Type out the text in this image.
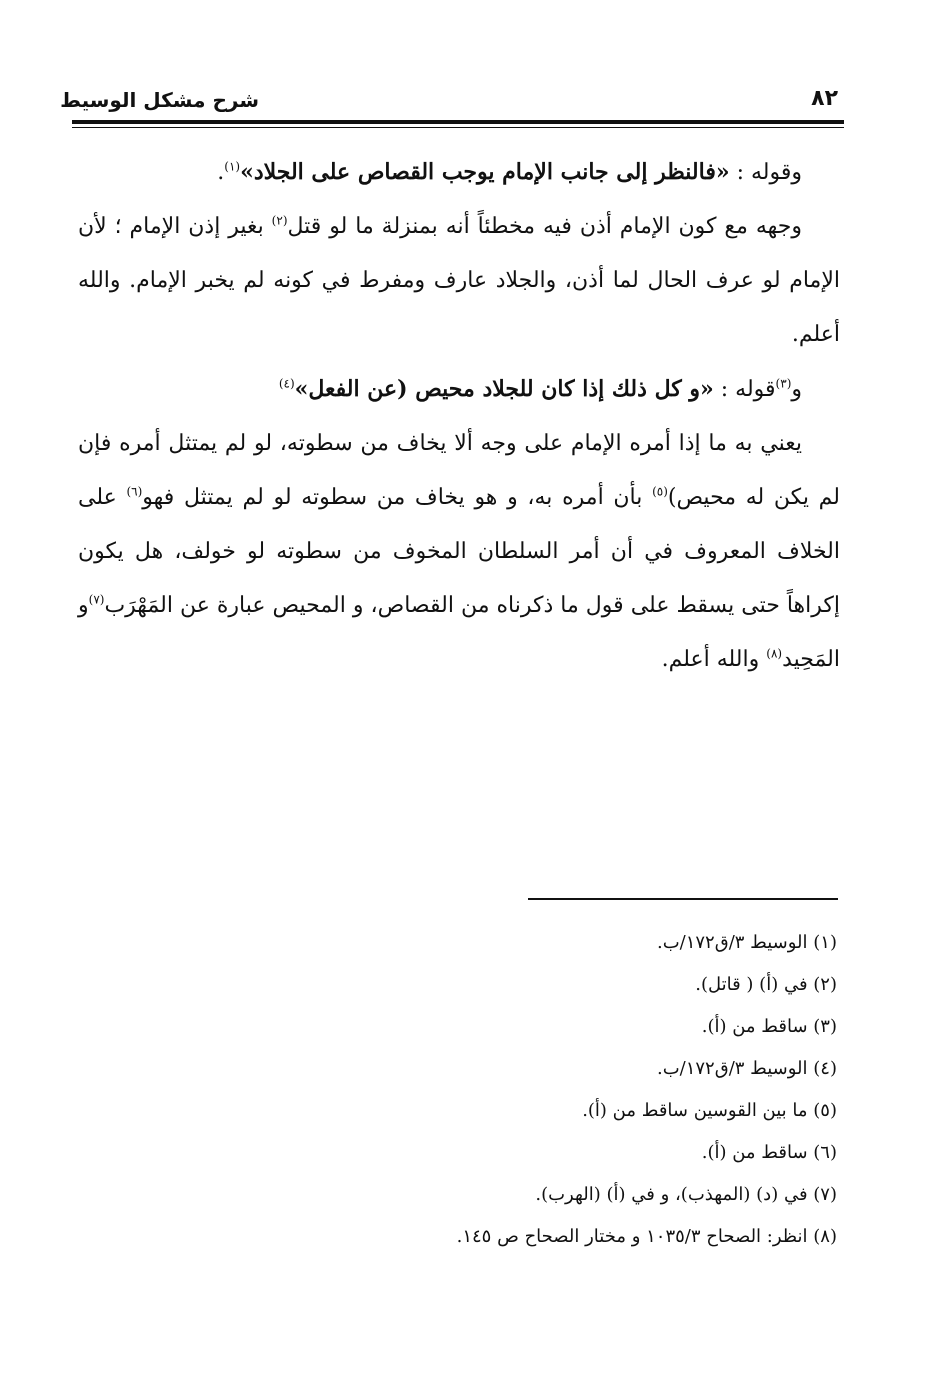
شرح مشكل الوسيط	٨٢

وقوله : «فالنظر إلى جانب الإمام يوجب القصاص على الجلاد»$^{(١)}$.

وجهه مع كون الإمام أذن فيه مخطئاً أنه بمنزلة ما لو قتل$^{(٢)}$ بغير إذن الإمام ؛ لأن الإمام لو عرف الحال لما أذن، والجلاد عارف ومفرط في كونه لم يخبر الإمام. والله أعلم.

و$^{(٣)}$قوله : «و كل ذلك إذا كان للجلاد محيص (عن الفعل»$^{(٤)}$

يعني به ما إذا أمره الإمام على وجه ألا يخاف من سطوته، لو لم يمتثل أمره فإن لم يكن له محيص)$^{(٥)}$ بأن أمره به، و هو يخاف من سطوته لو لم يمتثل فهو$^{(٦)}$ على الخلاف المعروف في أن أمر السلطان المخوف من سطوته لو خولف، هل يكون إكراهاً حتى يسقط على قول ما ذكرناه من القصاص، و المحيص عبارة عن المَهْرَب$^{(٧)}$و المَحِيد$^{(٨)}$ والله أعلم.

(١) الوسيط ٣/ق١٧٢/ب.
(٢) في (أ) ( قاتل).
(٣) ساقط من (أ).
(٤) الوسيط ٣/ق١٧٢/ب.
(٥) ما بين القوسين ساقط من (أ).
(٦) ساقط من (أ).
(٧) في (د) (المهذب)، و في (أ) (الهرب).
(٨) انظر: الصحاح ١٠٣٥/٣ و مختار الصحاح ص ١٤٥.
